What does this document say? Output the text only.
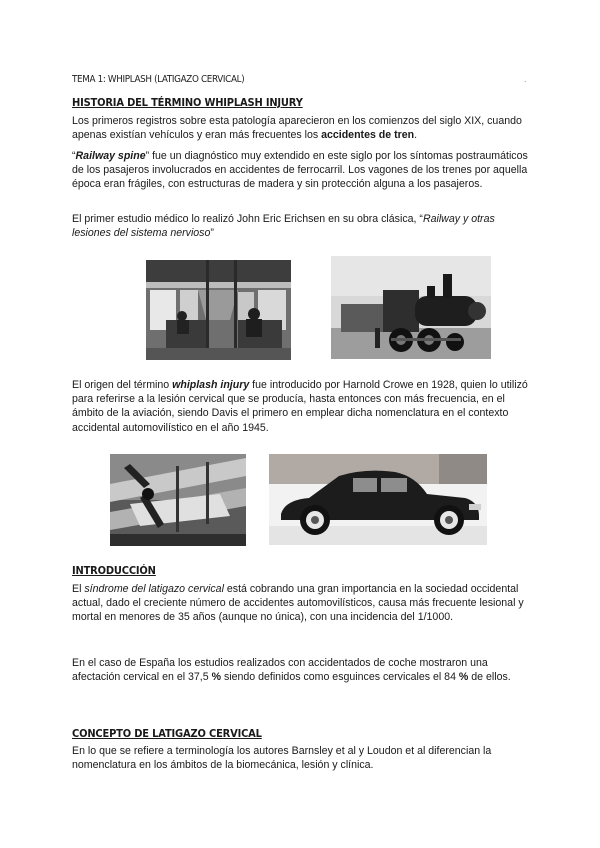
TEMA 1: WHIPLASH (LATIGAZO CERVICAL)	.
HISTORIA DEL TÉRMINO WHIPLASH INJURY
Los primeros registros sobre esta patología aparecieron en los comienzos del siglo XIX, cuando apenas existían vehículos y eran más frecuentes los accidentes de tren.
“Railway spine” fue un diagnóstico muy extendido en este siglo por los síntomas postraumáticos de los pasajeros involucrados en accidentes de ferrocarril. Los vagones de los trenes por aquella época eran frágiles, con estructuras de madera y sin protección alguna a los pasajeros.
El primer estudio médico lo realizó John Eric Erichsen en su obra clásica, “Railway y otras lesiones del sistema nervioso”
El origen del término whiplash injury fue introducido por Harnold Crowe en 1928, quien lo utilizó para referirse a la lesión cervical que se producía, hasta entonces con más frecuencia, en el ámbito de la aviación, siendo Davis el primero en emplear dicha nomenclatura en el contexto accidental automovilístico en el año 1945.
INTRODUCCIÓN
El síndrome del latigazo cervical está cobrando una gran importancia en la sociedad occidental actual, dado el creciente número de accidentes automovilísticos, causa más frecuente lesional y mortal en menores de 35 años (aunque no única), con una incidencia del 1/1000.
En el caso de España los estudios realizados con accidentados de coche mostraron una afectación cervical en el 37,5 % siendo definidos como esguinces cervicales el 84 % de ellos.
CONCEPTO DE LATIGAZO CERVICAL
En lo que se refiere a terminología los autores Barnsley et al y Loudon et al diferencian la nomenclatura en los ámbitos de la biomecánica, lesión y clínica.
